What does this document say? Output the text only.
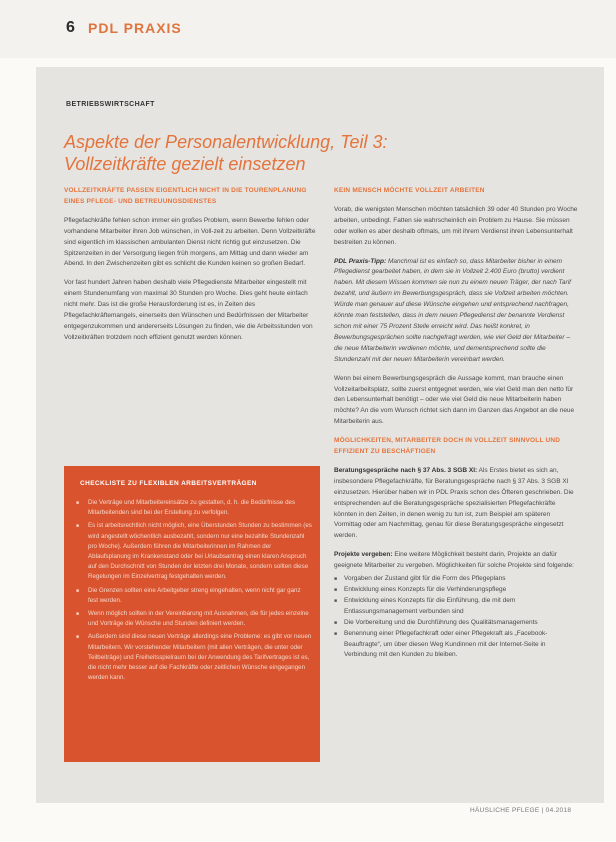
6 PDL PRAXIS
BETRIEBSWIRTSCHAFT
Aspekte der Personalentwicklung, Teil 3: Vollzeitkräfte gezielt einsetzen

VOLLZEITKRÄFTE PASSEN EIGENTLICH NICHT IN DIE TOURENPLANUNG EINES PFLEGE- UND BETREUUNGSDIENSTES

Pflegefachkräfte fehlen schon immer ein großes Problem, wenn Bewerbe fehlen oder vorhandene Mitarbeiter ihren Job wünschen, in Voll-zeit zu arbeiten. Denn Vollzeitkräfte sind eigentlich im klassischen ambulanten Dienst nicht richtig gut einzusetzen. Die Spitzenzeiten in der Versorgung liegen früh morgens, am Mittag und dann wieder am Abend. In den Zwischenzeiten gibt es schlicht die Kunden keinen so großen Bedarf.

Vor fast hundert Jahren haben deshalb viele Pflegedienste Mitarbeiter eingestellt mit einem Stundenumfang von maximal 30 Stunden pro Woche. Dies geht heute einfach nicht mehr. Das ist die große Herausforderung ist es, in Zeiten des Pflegefachkräftemangels, einerseits den Wünschen und Bedürfnissen der Mitarbeiter entgegenzukommen und andererseits Lösungen zu finden, wie die Arbeitsstunden von Vollzeitkräften trotzdem noch effizient genutzt werden können.

CHECKLISTE ZU FLEXIBLEN ARBEITSVERTRÄGEN
■ Die Verträge und Mitarbeitereinsätze zu gestalten, d. h. die Bedürfnisse des Mitarbeitenden sind bei der Erstellung zu verfolgen.
■ Es ist arbeitsrechtlich nicht möglich, eine Überstunden Stunden zu bestimmen (es wird angestellt wöchentlich ausbezahlt, sondern nur eine bezahlte Stundenzahl pro Woche). Außerdem führen die Mitarbeiterinnen im Rahmen der Ablaufsplanung im Krankenstand oder bei Urlaubsantrag einen klaren Anspruch auf den Durchschnitt von Stunden der letzten drei Monate, sondern sollten diese Regelungen im Einzelvertrag festgehalten werden.
■ Die Grenzen sollten eine Arbeitgeber streng eingehalten, wenn nicht gar ganz fest werden.
■ Wenn möglich sollten in der Vereinbarung mit Ausnahmen, die für jedes einzelne und Vorträge die Wünsche und Stunden definiert werden.
■ Außerdem sind diese neuen Verträge allerdings eine Probleme: es gibt vor neuen Mitarbeitern. Wir vorstehender Mitarbeitern (mit allen Verträgen, die unter oder Teilbeiträge) und Freiheitsspielraum bei der Anwendung des Tarifvertrages ist es, die nicht mehr besser auf die Fachkräfte oder zeitlichen Wünsche eingegangen werden kann.

KEIN MENSCH MÖCHTE VOLLZEIT ARBEITEN

Vorab, die wenigsten Menschen möchten tatsächlich 39 oder 40 Stunden pro Woche arbeiten, unbedingt. Fatten sie wahrscheinlich ein Problem zu Hause. Sie müssen oder wollen es aber deshalb oftmals, um mit ihrem Verdienst ihren Lebensunterhalt bestreiten zu können.

PDL Praxis-Tipp: Manchmal ist es einfach so, dass Mitarbeiter bisher in einem Pflegedienst gearbeitet haben, in dem sie in Vollzeit 2.400 Euro (brutto) verdient haben. Mit diesem Wissen kommen sie nun zu einem neuen Träger, der nach Tarif bezahlt, und äußern im Bewerbungsgespräch, dass sie Vollzeit arbeiten möchten. Würde man genauer auf diese Wünsche eingehen und entsprechend nachfragen, könnte man feststellen, dass in dem neuen Pflegedienst der benannte Verdienst schon mit einer 75 Prozent Stelle erreicht wird. Das heißt konkret, in Bewerbungsgesprächen sollte nachgefragt werden, wie viel Geld der Mitarbeiter – die neue Mitarbeiterin verdienen möchte, und dementsprechend sollte die Stundenzahl mit der neuen Mitarbeiterin vereinbart werden.

Wenn bei einem Bewerbungsgespräch die Aussage kommt, man brauche einen Vollzeitarbeitsplatz, sollte zuerst entgegnet werden, wie viel Geld man den netto für den Lebensunterhalt benötigt – oder wie viel Geld die neue Mitarbeiterin haben möchte? An die vom Wunsch richtet sich dann im Ganzen das Angebot an die neue Mitarbeiterin aus.

MÖGLICHKEITEN, MITARBEITER DOCH IN VOLLZEIT SINNVOLL UND EFFIZIENT ZU BESCHÄFTIGEN

Beratungsgespräche nach § 37 Abs. 3 SGB XI: Als Erstes bietet es sich an, insbesondere Pflegefachkräfte, für Beratungsgespräche nach § 37 Abs. 3 SGB XI einzusetzen. Hierüber haben wir in PDL Praxis schon des Öfteren geschrieben. Die entsprechenden auf die Beratungsgespräche spezialisierten Pflegefachkräfte könnten in den Zeiten, in denen wenig zu tun ist, zum Beispiel am späteren Vormittag oder am Nachmittag, genau für diese Beratungsgespräche eingesetzt werden.

Projekte vergeben: Eine weitere Möglichkeit besteht darin, Projekte an dafür geeignete Mitarbeiter zu vergeben. Möglichkeiten für solche Projekte sind folgende:

■ Vorgaben der Zustand gibt für die Form des Pflegeplans
■ Entwicklung eines Konzepts für die Verhinderungspflege
■ Entwicklung eines Konzepts für die Einführung, die mit dem Entlassungsmanagement verbunden sind
■ Die Vorbereitung und die Durchführung des Qualitätsmanagements
■ Benennung einer Pflegefachkraft oder einer Pflegekraft als „Facebook-Beauftragte“, um über diesen Weg Kundinnen mit der Internet-Seite in Verbindung mit den Kunden zu bleiben.
HÄUSLICHE PFLEGE | 04.2018
